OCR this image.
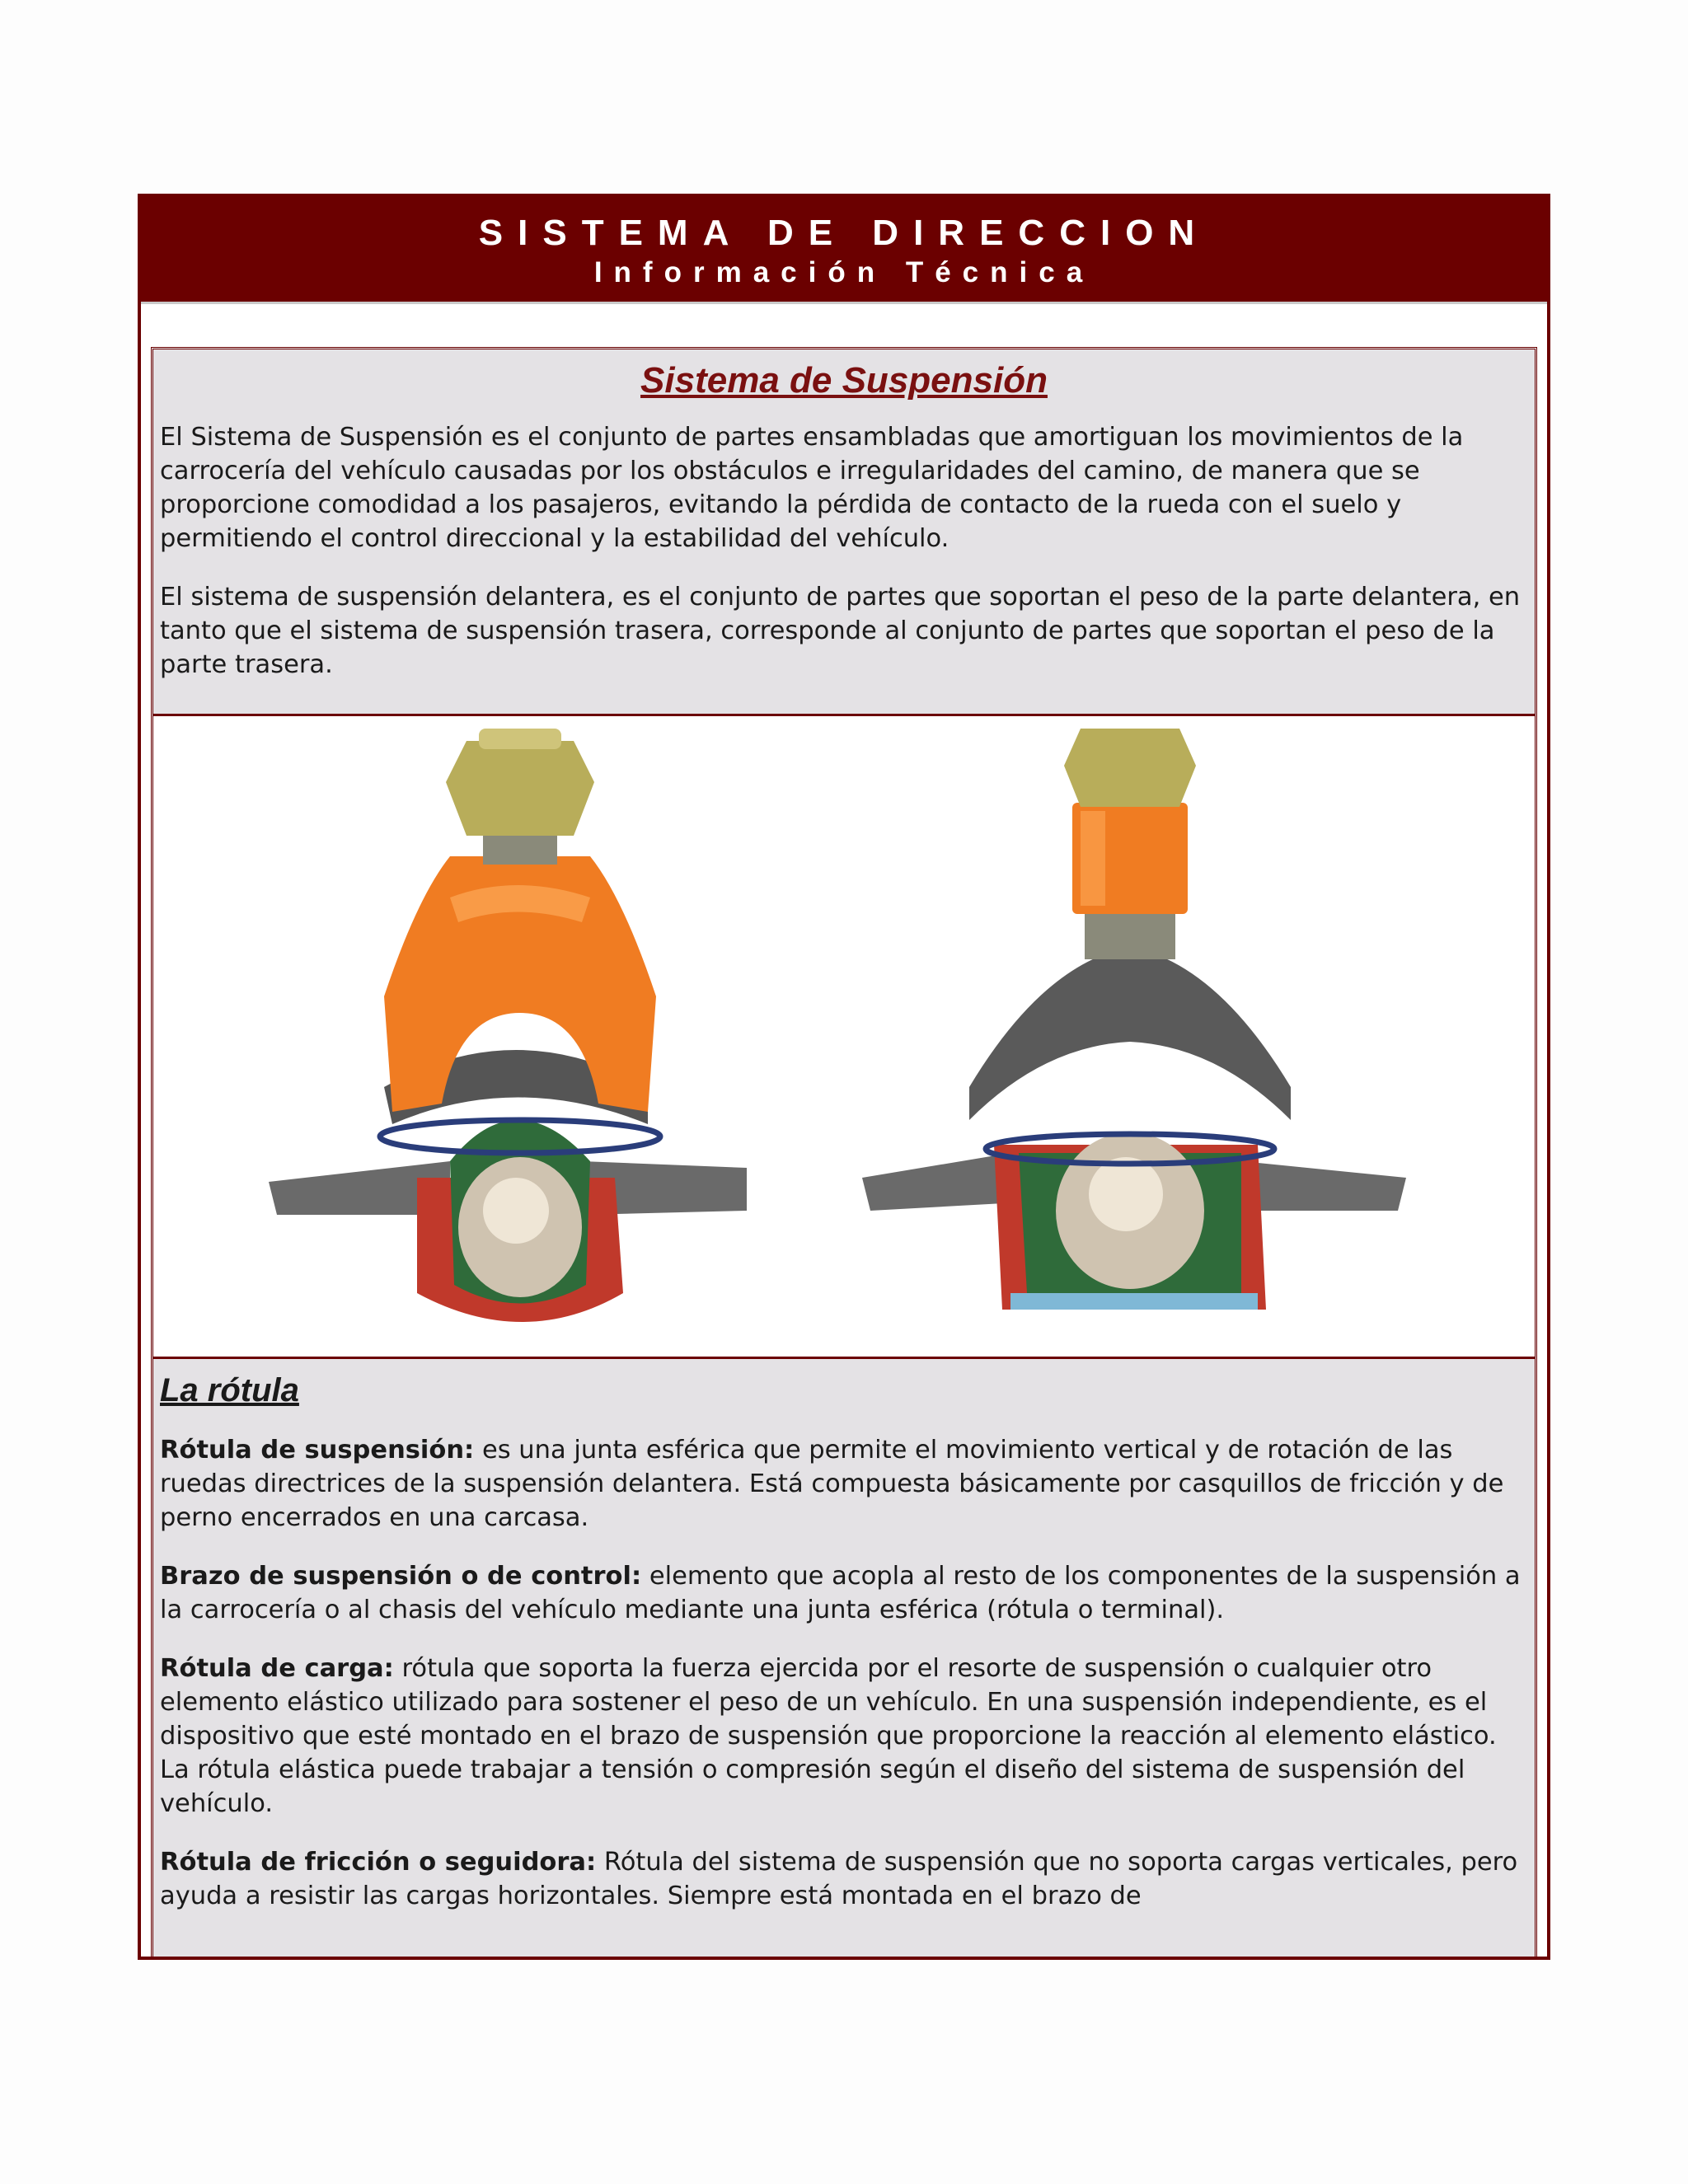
SISTEMA DE DIRECCION
Información Técnica
Sistema de Suspensión

El Sistema de Suspensión es el conjunto de partes ensambladas que amortiguan los movimientos de la carrocería del vehículo causadas por los obstáculos e irregularidades del camino, de manera que se proporcione comodidad a los pasajeros, evitando la pérdida de contacto de la rueda con el suelo y permitiendo el control direccional y la estabilidad del vehículo.

El sistema de suspensión delantera, es el conjunto de partes que soportan el peso de la parte delantera, en tanto que el sistema de suspensión trasera, corresponde al conjunto de partes que soportan el peso de la parte trasera.

La rótula

Rótula de suspensión: es una junta esférica que permite el movimiento vertical y de rotación de las ruedas directrices de la suspensión delantera. Está compuesta básicamente por casquillos de fricción y de perno encerrados en una carcasa.

Brazo de suspensión o de control: elemento que acopla al resto de los componentes de la suspensión a la carrocería o al chasis del vehículo mediante una junta esférica (rótula o terminal).

Rótula de carga: rótula que soporta la fuerza ejercida por el resorte de suspensión o cualquier otro elemento elástico utilizado para sostener el peso de un vehículo. En una suspensión independiente, es el dispositivo que esté montado en el brazo de suspensión que proporcione la reacción al elemento elástico. La rótula elástica puede trabajar a tensión o compresión según el diseño del sistema de suspensión del vehículo.

Rótula de fricción o seguidora: Rótula del sistema de suspensión que no soporta cargas verticales, pero ayuda a resistir las cargas horizontales. Siempre está montada en el brazo de
